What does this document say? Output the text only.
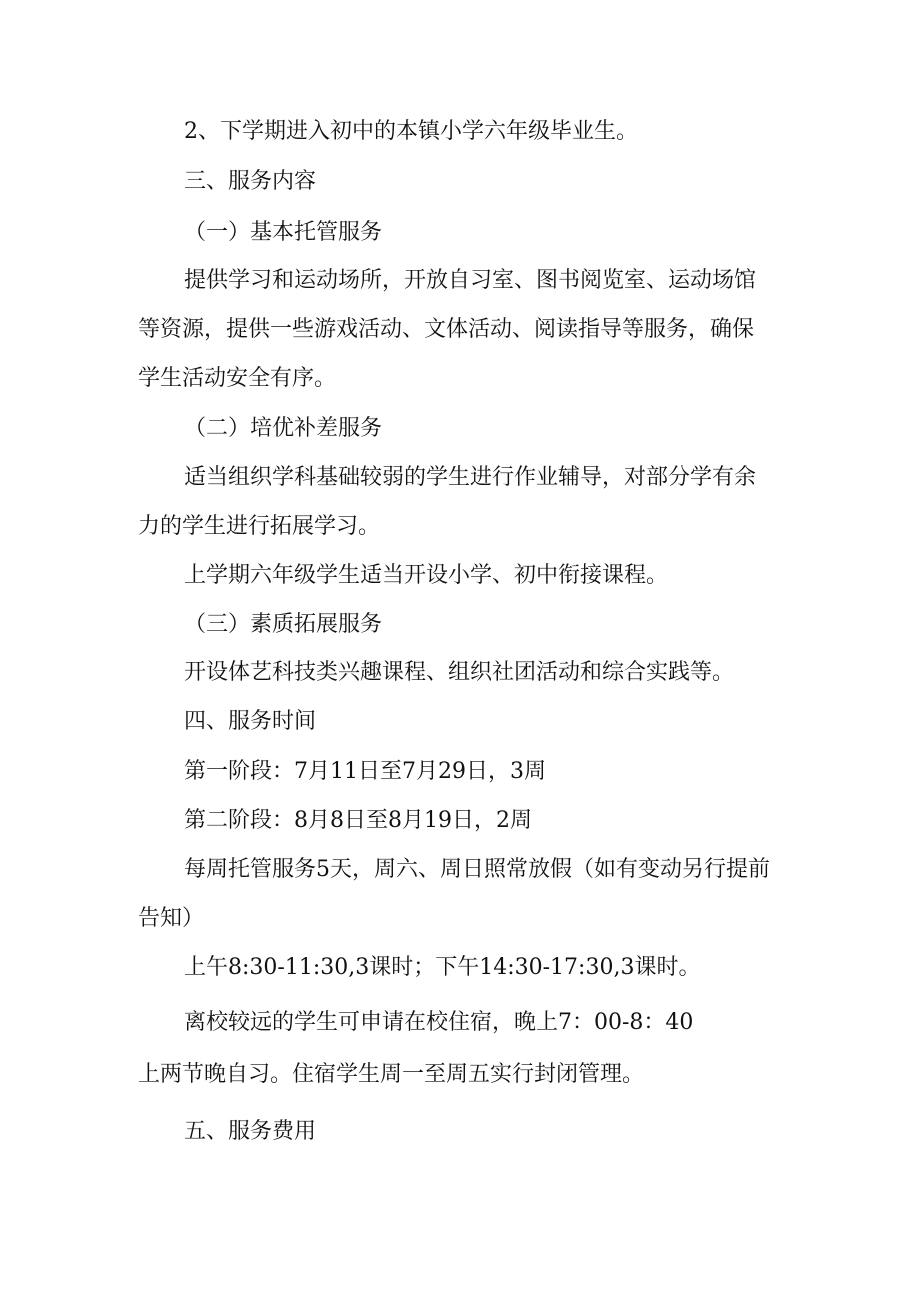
2、下学期进入初中的本镇小学六年级毕业生。
三、服务内容
（一）基本托管服务
提供学习和运动场所，开放自习室、图书阅览室、运动场馆
等资源，提供一些游戏活动、文体活动、阅读指导等服务，确保
学生活动安全有序。
（二）培优补差服务
适当组织学科基础较弱的学生进行作业辅导，对部分学有余
力的学生进行拓展学习。
上学期六年级学生适当开设小学、初中衔接课程。
（三）素质拓展服务
开设体艺科技类兴趣课程、组织社团活动和综合实践等。
四、服务时间
第一阶段：7月11日至7月29日，3周
第二阶段：8月8日至8月19日，2周
每周托管服务5天，周六、周日照常放假（如有变动另行提前
告知）
上午8:30-11:30,3课时；下午14:30-17:30,3课时。
离校较远的学生可申请在校住宿，晚上7：00-8：40
上两节晚自习。住宿学生周一至周五实行封闭管理。
五、服务费用
